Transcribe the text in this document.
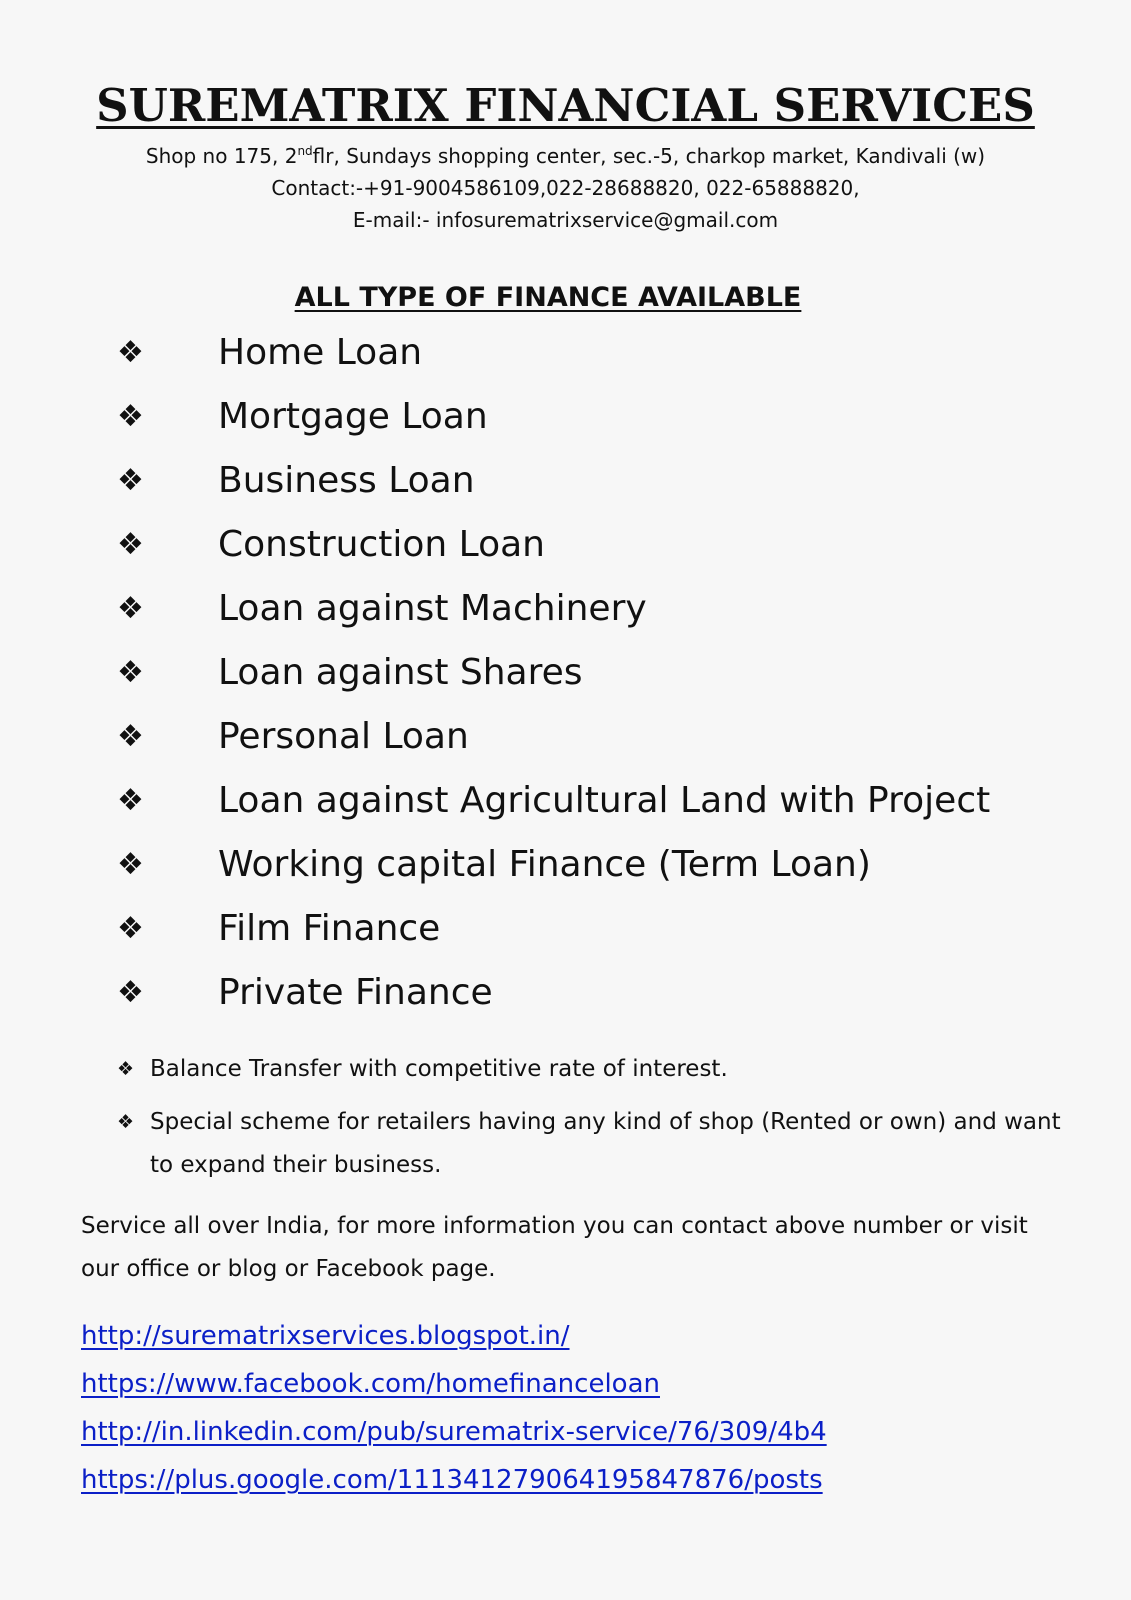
SUREMATRIX FINANCIAL SERVICES
Shop no 175, 2ndflr, Sundays shopping center, sec.-5, charkop market, Kandivali (w)
Contact:-+91-9004586109,022-28688820, 022-65888820,
E-mail:- infosurematrixservice@gmail.com
ALL TYPE OF FINANCE AVAILABLE
❖ Home Loan
❖ Mortgage Loan
❖ Business Loan
❖ Construction Loan
❖ Loan against Machinery
❖ Loan against Shares
❖ Personal Loan
❖ Loan against Agricultural Land with Project
❖ Working capital Finance (Term Loan)
❖ Film Finance
❖ Private Finance
❖ Balance Transfer with competitive rate of interest.
❖ Special scheme for retailers having any kind of shop (Rented or own) and want to expand their business.
Service all over India, for more information you can contact above number or visit our office or blog or Facebook page.
http://surematrixservices.blogspot.in/
https://www.facebook.com/homefinanceloan
http://in.linkedin.com/pub/surematrix-service/76/309/4b4
https://plus.google.com/111341279064195847876/posts
